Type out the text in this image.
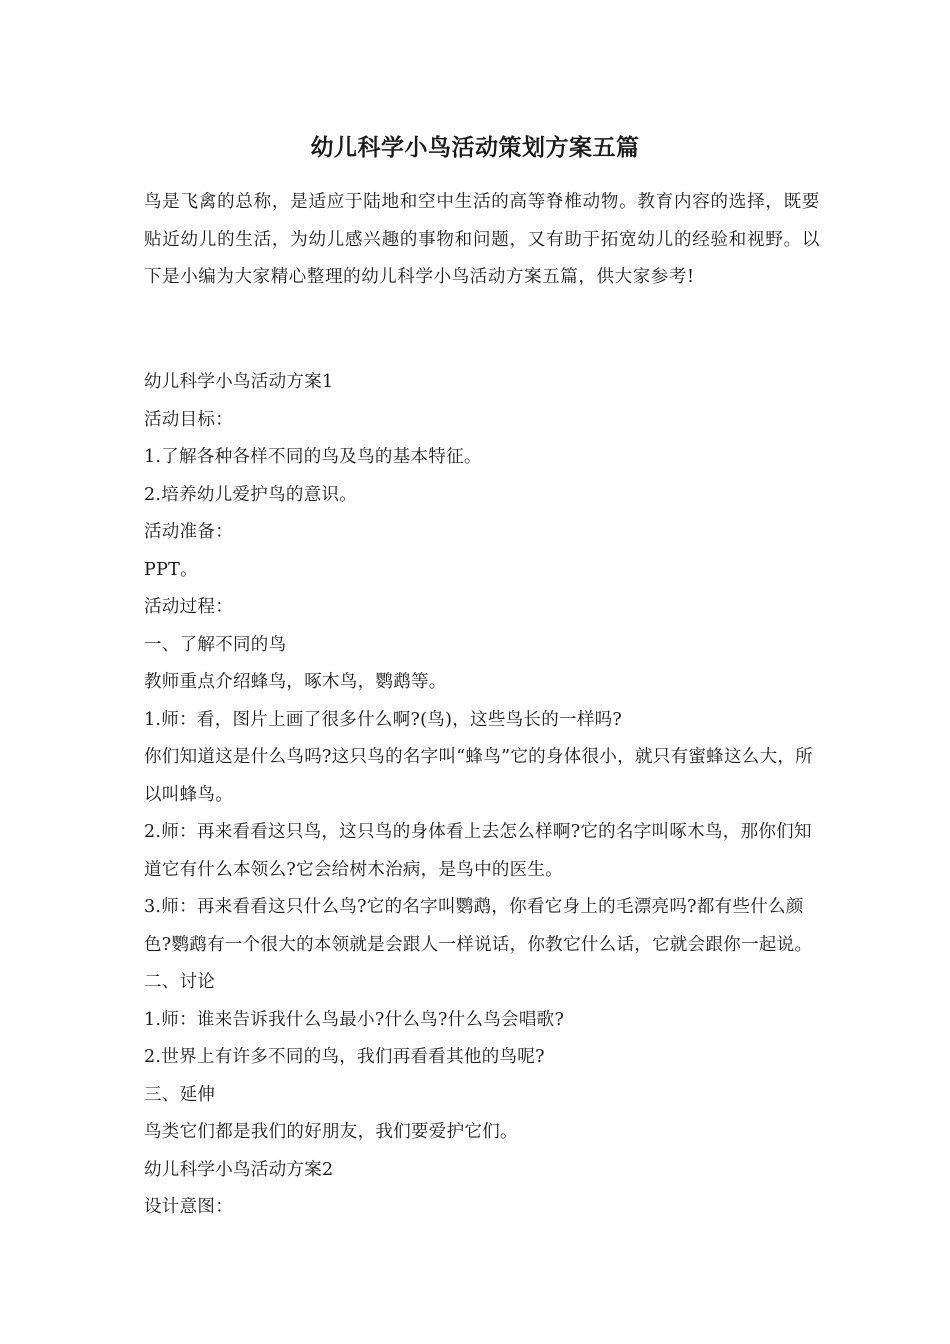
幼儿科学小鸟活动策划方案五篇
鸟是飞禽的总称，是适应于陆地和空中生活的高等脊椎动物。教育内容的选择，既要贴近幼儿的生活，为幼儿感兴趣的事物和问题，又有助于拓宽幼儿的经验和视野。以下是小编为大家精心整理的幼儿科学小鸟活动方案五篇，供大家参考!
幼儿科学小鸟活动方案1
活动目标：
1.了解各种各样不同的鸟及鸟的基本特征。
2.培养幼儿爱护鸟的意识。
活动准备：
PPT。
活动过程：
一、了解不同的鸟
教师重点介绍蜂鸟，啄木鸟，鹦鹉等。
1.师：看，图片上画了很多什么啊?(鸟)，这些鸟长的一样吗?
你们知道这是什么鸟吗?这只鸟的名字叫“蜂鸟”它的身体很小，就只有蜜蜂这么大，所以叫蜂鸟。
2.师：再来看看这只鸟，这只鸟的身体看上去怎么样啊?它的名字叫啄木鸟，那你们知道它有什么本领么?它会给树木治病，是鸟中的医生。
3.师：再来看看这只什么鸟?它的名字叫鹦鹉，你看它身上的毛漂亮吗?都有些什么颜色?鹦鹉有一个很大的本领就是会跟人一样说话，你教它什么话，它就会跟你一起说。
二、讨论
1.师：谁来告诉我什么鸟最小?什么鸟?什么鸟会唱歌?
2.世界上有许多不同的鸟，我们再看看其他的鸟呢?
三、延伸
鸟类它们都是我们的好朋友，我们要爱护它们。
幼儿科学小鸟活动方案2
设计意图：
